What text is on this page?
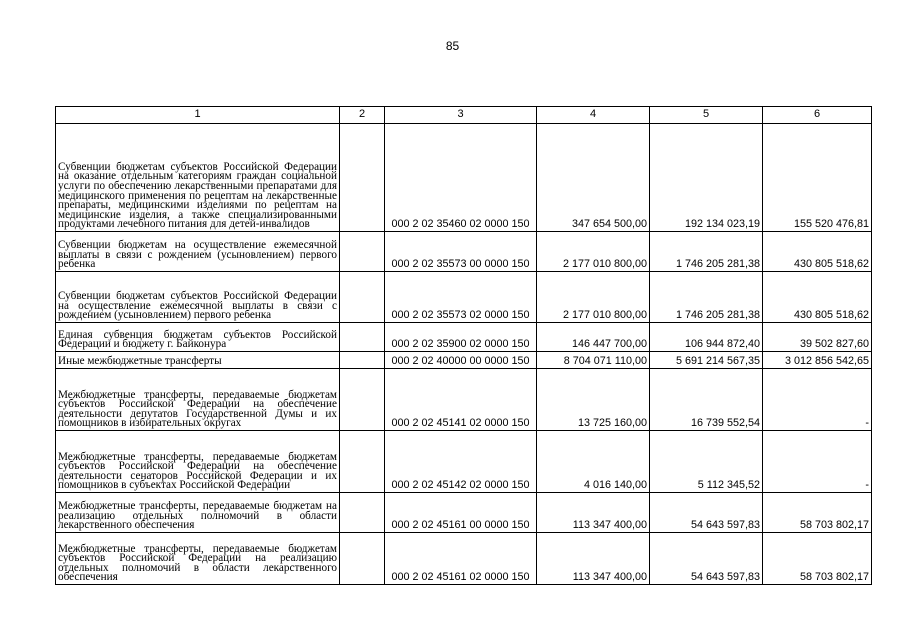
85
1	2	3	4	5	6
Субвенции бюджетам субъектов Российской Федерации на оказание отдельным категориям граждан социальной услуги по обеспечению лекарственными препаратами для медицинского применения по рецептам на лекарственные препараты, медицинскими изделиями по рецептам на медицинские изделия, а также специализированными продуктами лечебного питания для детей-инвалидов		000 2 02 35460 02 0000 150	347 654 500,00	192 134 023,19	155 520 476,81
Субвенции бюджетам на осуществление ежемесячной выплаты в связи с рождением (усыновлением) первого ребенка		000 2 02 35573 00 0000 150	2 177 010 800,00	1 746 205 281,38	430 805 518,62
Субвенции бюджетам субъектов Российской Федерации на осуществление ежемесячной выплаты в связи с рождением (усыновлением) первого ребенка		000 2 02 35573 02 0000 150	2 177 010 800,00	1 746 205 281,38	430 805 518,62
Единая субвенция бюджетам субъектов Российской Федерации и бюджету г. Байконура		000 2 02 35900 02 0000 150	146 447 700,00	106 944 872,40	39 502 827,60
Иные межбюджетные трансферты		000 2 02 40000 00 0000 150	8 704 071 110,00	5 691 214 567,35	3 012 856 542,65
Межбюджетные трансферты, передаваемые бюджетам субъектов Российской Федерации на обеспечение деятельности депутатов Государственной Думы и их помощников в избирательных округах		000 2 02 45141 02 0000 150	13 725 160,00	16 739 552,54	-
Межбюджетные трансферты, передаваемые бюджетам субъектов Российской Федерации на обеспечение деятельности сенаторов Российской Федерации и их помощников в субъектах Российской Федерации		000 2 02 45142 02 0000 150	4 016 140,00	5 112 345,52	-
Межбюджетные трансферты, передаваемые бюджетам на реализацию отдельных полномочий в области лекарственного обеспечения		000 2 02 45161 00 0000 150	113 347 400,00	54 643 597,83	58 703 802,17
Межбюджетные трансферты, передаваемые бюджетам субъектов Российской Федерации на реализацию отдельных полномочий в области лекарственного обеспечения		000 2 02 45161 02 0000 150	113 347 400,00	54 643 597,83	58 703 802,17
